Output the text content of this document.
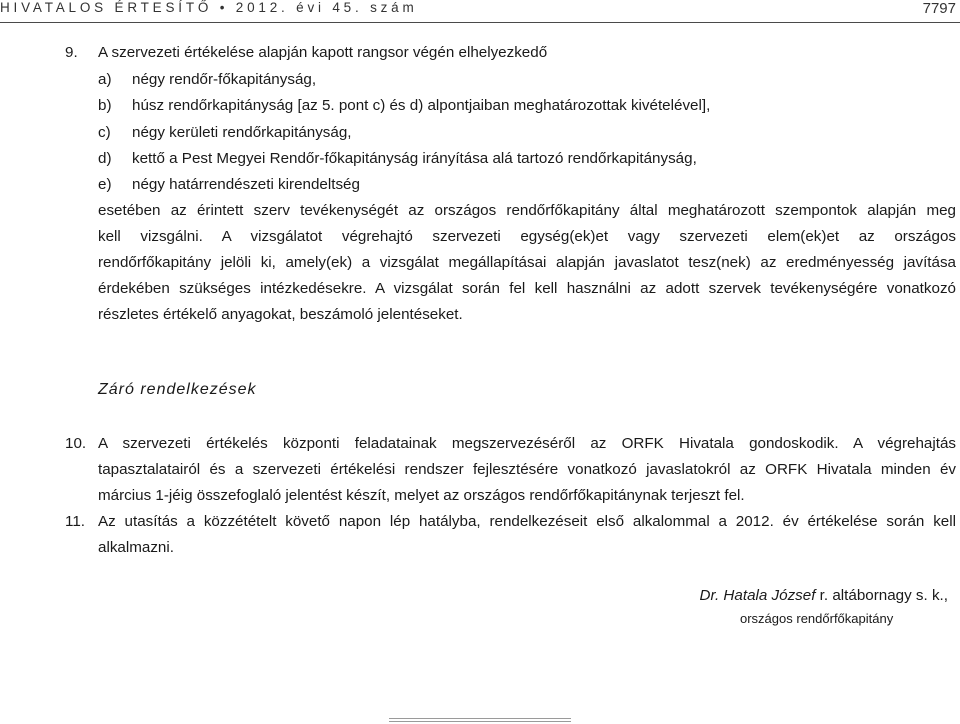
HIVATALOS ÉRTESÍTŐ • 2012. évi 45. szám	7797
9. A szervezeti értékelése alapján kapott rangsor végén elhelyezkedő
a) négy rendőr-főkapitányság,
b) húsz rendőrkapitányság [az 5. pont c) és d) alpontjaiban meghatározottak kivételével],
c) négy kerületi rendőrkapitányság,
d) kettő a Pest Megyei Rendőr-főkapitányság irányítása alá tartozó rendőrkapitányság,
e) négy határrendészeti kirendeltség
esetében az érintett szerv tevékenységét az országos rendőrfőkapitány által meghatározott szempontok alapján meg
kell vizsgálni. A vizsgálatot végrehajtó szervezeti egység(ek)et vagy szervezeti elem(ek)et az országos
rendőrfőkapitány jelöli ki, amely(ek) a vizsgálat megállapításai alapján javaslatot tesz(nek) az eredményesség javítása
érdekében szükséges intézkedésekre. A vizsgálat során fel kell használni az adott szervek tevékenységére vonatkozó
részletes értékelő anyagokat, beszámoló jelentéseket.
Záró rendelkezések
10. A szervezeti értékelés központi feladatainak megszervezéséről az ORFK Hivatala gondoskodik. A végrehajtás
tapasztalatairól és a szervezeti értékelési rendszer fejlesztésére vonatkozó javaslatokról az ORFK Hivatala minden év
március 1-jéig összefoglaló jelentést készít, melyet az országos rendőrfőkapitánynak terjeszt fel.
11. Az utasítás a közzétételt követő napon lép hatályba, rendelkezéseit első alkalommal a 2012. év értékelése során kell
alkalmazni.
Dr. Hatala József r. altábornagy s. k.,
országos rendőrfőkapitány
